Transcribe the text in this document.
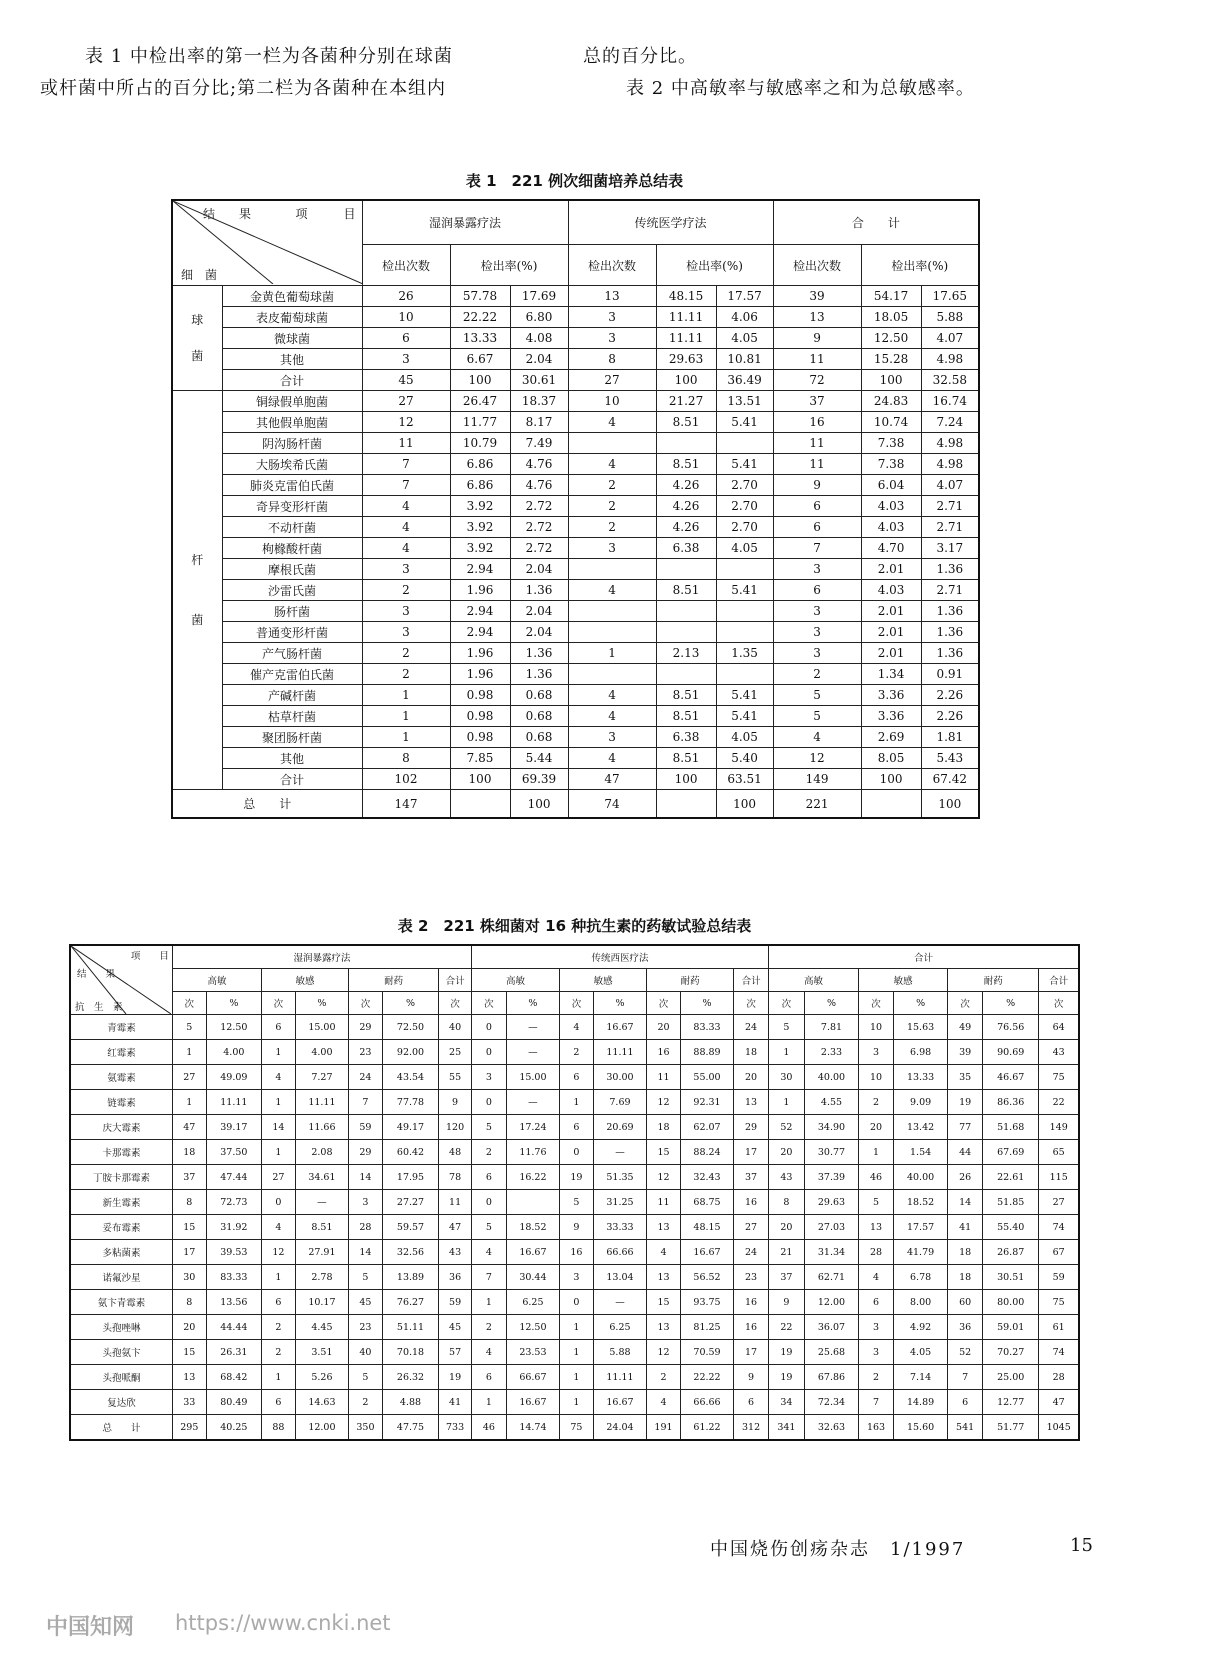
表 1 中检出率的第一栏为各菌种分别在球菌	总的百分比。
或杆菌中所占的百分比;第二栏为各菌种在本组内	表 2 中高敏率与敏感率之和为总敏感率。
表 1　221 例次细菌培养总结表
项　　　目
结　　果
细　菌		湿润暴露疗法			传统医学疗法			合　　计		
		检出次数	检出率(%)		检出次数	检出率(%)		检出次数	检出率(%)	
球

菌	金黄色葡萄球菌	26	57.78	17.69	13	48.15	17.57	39	54.17	17.65
	表皮葡萄球菌	10	22.22	6.80	3	11.11	4.06	13	18.05	5.88
	微球菌	6	13.33	4.08	3	11.11	4.05	9	12.50	4.07
	其他	3	6.67	2.04	8	29.63	10.81	11	15.28	4.98
	合计	45	100	30.61	27	100	36.49	72	100	32.58
杆

菌	铜绿假单胞菌	27	26.47	18.37	10	21.27	13.51	37	24.83	16.74
	其他假单胞菌	12	11.77	8.17	4	8.51	5.41	16	10.74	7.24
	阴沟肠杆菌	11	10.79	7.49				11	7.38	4.98
	大肠埃希氏菌	7	6.86	4.76	4	8.51	5.41	11	7.38	4.98
	肺炎克雷伯氏菌	7	6.86	4.76	2	4.26	2.70	9	6.04	4.07
	奇异变形杆菌	4	3.92	2.72	2	4.26	2.70	6	4.03	2.71
	不动杆菌	4	3.92	2.72	2	4.26	2.70	6	4.03	2.71
	枸橼酸杆菌	4	3.92	2.72	3	6.38	4.05	7	4.70	3.17
	摩根氏菌	3	2.94	2.04				3	2.01	1.36
	沙雷氏菌	2	1.96	1.36	4	8.51	5.41	6	4.03	2.71
	肠杆菌	3	2.94	2.04				3	2.01	1.36
	普通变形杆菌	3	2.94	2.04				3	2.01	1.36
	产气肠杆菌	2	1.96	1.36	1	2.13	1.35	3	2.01	1.36
	催产克雷伯氏菌	2	1.96	1.36				2	1.34	0.91
	产碱杆菌	1	0.98	0.68	4	8.51	5.41	5	3.36	2.26
	枯草杆菌	1	0.98	0.68	4	8.51	5.41	5	3.36	2.26
	聚团肠杆菌	1	0.98	0.68	3	6.38	4.05	4	2.69	1.81
	其他	8	7.85	5.44	4	8.51	5.40	12	8.05	5.43
	合计	102	100	69.39	47	100	63.51	149	100	67.42
总　　计		147		100	74		100	221		100
表 2　221 株细菌对 16 种抗生素的药敏试验总结表
项　　目
结　　果
抗　生　素	湿润暴露疗法							传统西医疗法							合计						
	高敏		敏感		耐药		合计	高敏		敏感		耐药		合计	高敏		敏感		耐药		合计
	次	%	次	%	次	%	次	次	%	次	%	次	%	次	次	%	次	%	次	%	次
青霉素	5	12.50	6	15.00	29	72.50	40	0	—	4	16.67	20	83.33	24	5	7.81	10	15.63	49	76.56	64
红霉素	1	4.00	1	4.00	23	92.00	25	0	—	2	11.11	16	88.89	18	1	2.33	3	6.98	39	90.69	43
氨霉素	27	49.09	4	7.27	24	43.54	55	3	15.00	6	30.00	11	55.00	20	30	40.00	10	13.33	35	46.67	75
链霉素	1	11.11	1	11.11	7	77.78	9	0	—	1	7.69	12	92.31	13	1	4.55	2	9.09	19	86.36	22
庆大霉素	47	39.17	14	11.66	59	49.17	120	5	17.24	6	20.69	18	62.07	29	52	34.90	20	13.42	77	51.68	149
卡那霉素	18	37.50	1	2.08	29	60.42	48	2	11.76	0	—	15	88.24	17	20	30.77	1	1.54	44	67.69	65
丁胺卡那霉素	37	47.44	27	34.61	14	17.95	78	6	16.22	19	51.35	12	32.43	37	43	37.39	46	40.00	26	22.61	115
新生霉素	8	72.73	0	—	3	27.27	11	0		5	31.25	11	68.75	16	8	29.63	5	18.52	14	51.85	27
妥布霉素	15	31.92	4	8.51	28	59.57	47	5	18.52	9	33.33	13	48.15	27	20	27.03	13	17.57	41	55.40	74
多粘菌素	17	39.53	12	27.91	14	32.56	43	4	16.67	16	66.66	4	16.67	24	21	31.34	28	41.79	18	26.87	67
诺氟沙星	30	83.33	1	2.78	5	13.89	36	7	30.44	3	13.04	13	56.52	23	37	62.71	4	6.78	18	30.51	59
氨卞青霉素	8	13.56	6	10.17	45	76.27	59	1	6.25	0	—	15	93.75	16	9	12.00	6	8.00	60	80.00	75
头孢唑啉	20	44.44	2	4.45	23	51.11	45	2	12.50	1	6.25	13	81.25	16	22	36.07	3	4.92	36	59.01	61
头孢氨卞	15	26.31	2	3.51	40	70.18	57	4	23.53	1	5.88	12	70.59	17	19	25.68	3	4.05	52	70.27	74
头孢哌酮	13	68.42	1	5.26	5	26.32	19	6	66.67	1	11.11	2	22.22	9	19	67.86	2	7.14	7	25.00	28
复达欣	33	80.49	6	14.63	2	4.88	41	1	16.67	1	16.67	4	66.66	6	34	72.34	7	14.89	6	12.77	47
总　　计	295	40.25	88	12.00	350	47.75	733	46	14.74	75	24.04	191	61.22	312	341	32.63	163	15.60	541	51.77	1045
中国烧伤创疡杂志　1/1997	15
中国知网 https://www.cnki.net
